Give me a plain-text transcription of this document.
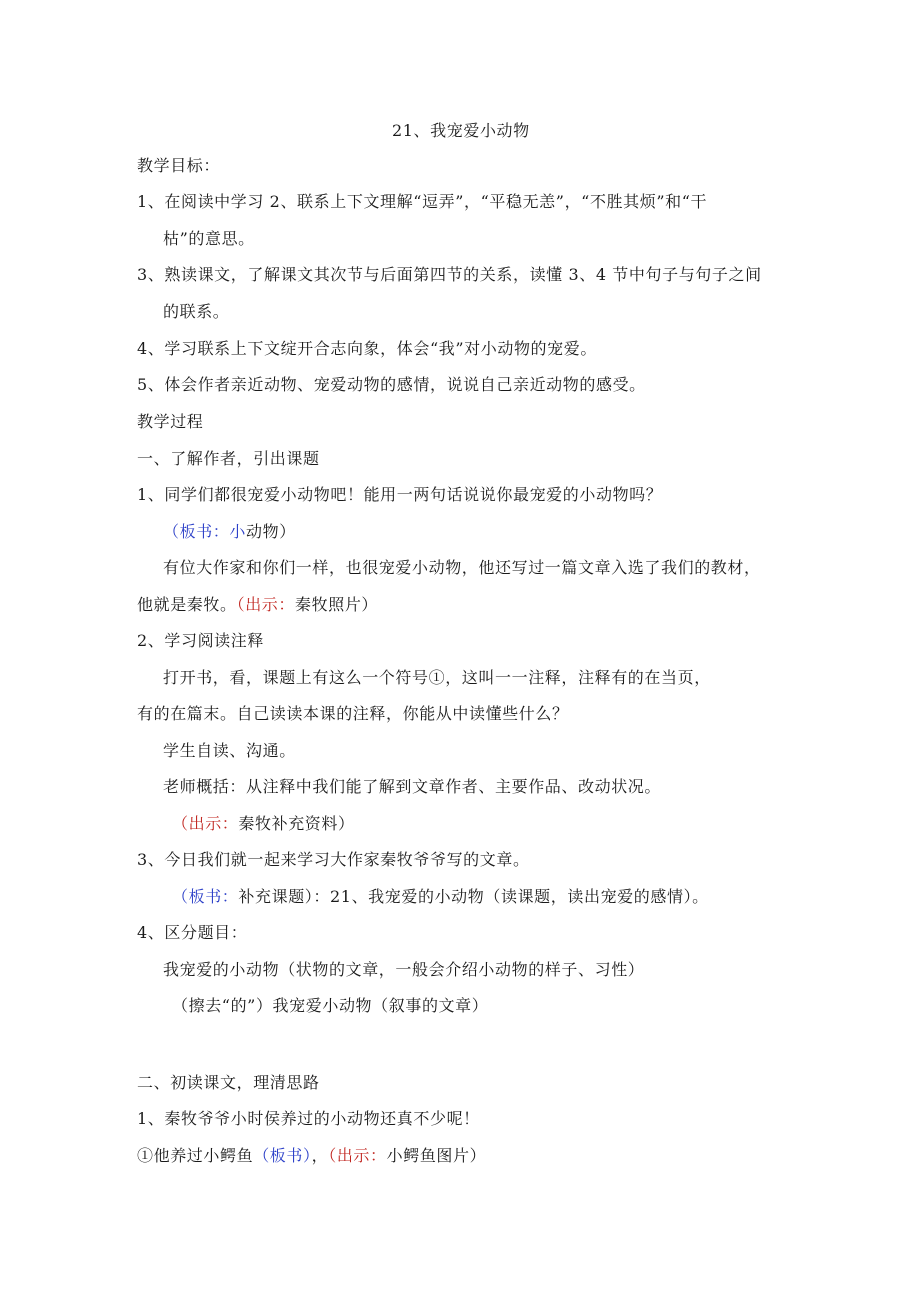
21、我宠爱小动物
教学目标：
1、在阅读中学习 2、联系上下文理解“逗弄”，“平稳无恙”，“不胜其烦”和“干
枯”的意思。
3、熟读课文，了解课文其次节与后面第四节的关系，读懂 3、4 节中句子与句子之间
的联系。
4、学习联系上下文绽开合志向象，体会“我”对小动物的宠爱。
5、体会作者亲近动物、宠爱动物的感情，说说自己亲近动物的感受。
教学过程
一、了解作者，引出课题
1、同学们都很宠爱小动物吧！能用一两句话说说你最宠爱的小动物吗？
（板书：小动物）
有位大作家和你们一样，也很宠爱小动物，他还写过一篇文章入选了我们的教材，
他就是秦牧。（出示：秦牧照片）
2、学习阅读注释
打开书，看，课题上有这么一个符号①，这叫一一注释，注释有的在当页，
有的在篇末。自己读读本课的注释，你能从中读懂些什么？
学生自读、沟通。
老师概括：从注释中我们能了解到文章作者、主要作品、改动状况。
（出示：秦牧补充资料）
3、今日我们就一起来学习大作家秦牧爷爷写的文章。
（板书：补充课题）：21、我宠爱的小动物（读课题，读出宠爱的感情）。
4、区分题目：
我宠爱的小动物（状物的文章，一般会介绍小动物的样子、习性）
（擦去“的”）我宠爱小动物（叙事的文章）
二、初读课文，理清思路
1、秦牧爷爷小时侯养过的小动物还真不少呢！
①他养过小鳄鱼（板书），（出示：小鳄鱼图片）
